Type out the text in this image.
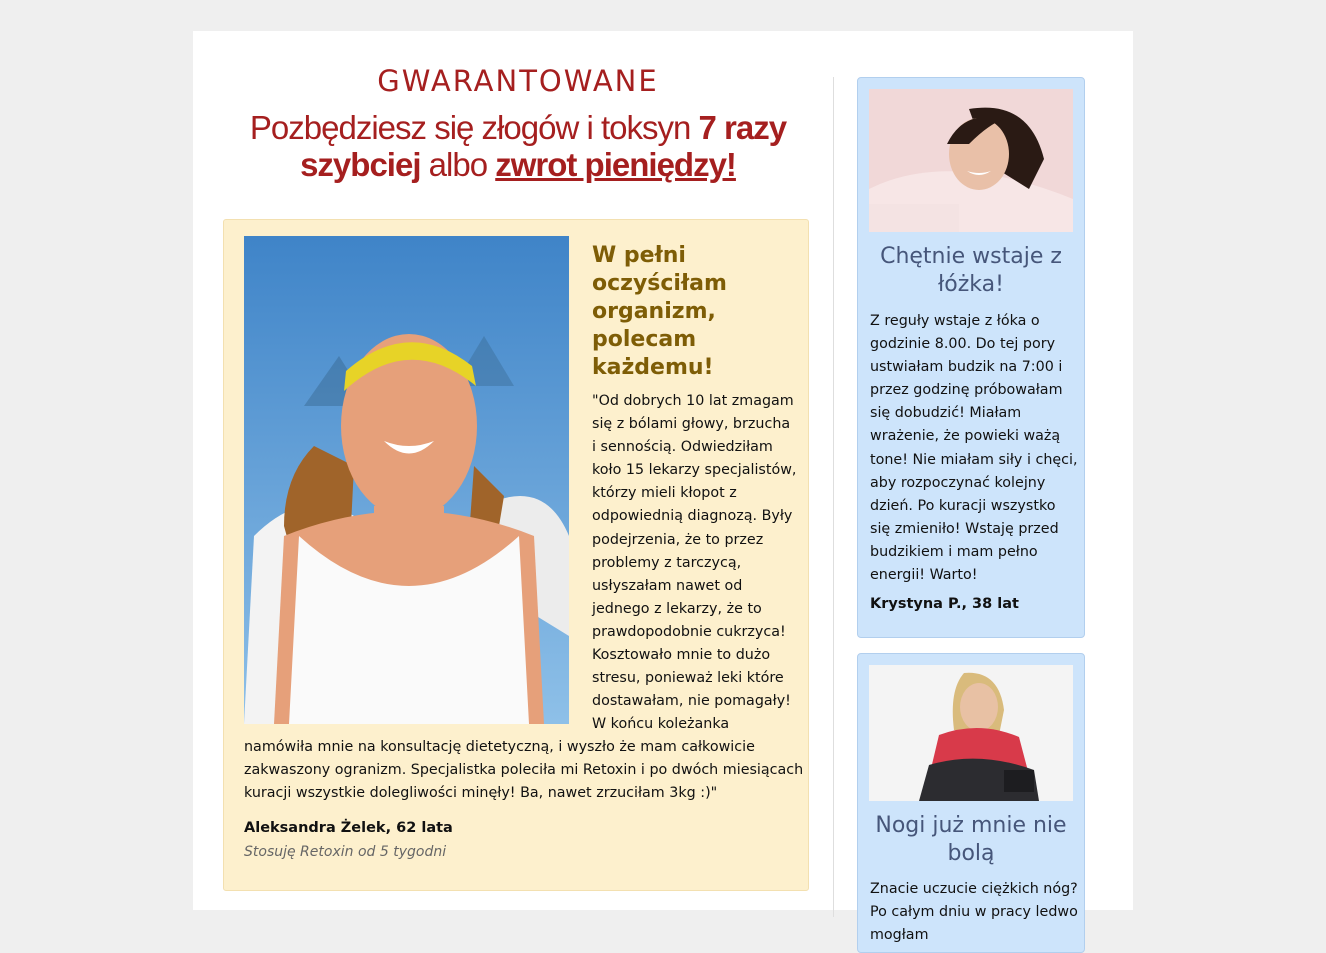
GWARANTOWANE
Pozbędziesz się złogów i toksyn 7 razy szybciej albo zwrot pieniędzy!
W pełni oczyściłam organizm, polecam każdemu!
"Od dobrych 10 lat zmagam się z bólami głowy, brzucha i sennością. Odwiedziłam koło 15 lekarzy specjalistów, którzy mieli kłopot z odpowiednią diagnozą. Były podejrzenia, że to przez problemy z tarczycą, usłyszałam nawet od jednego z lekarzy, że to prawdopodobnie cukrzyca! Kosztowało mnie to dużo stresu, ponieważ leki które dostawałam, nie pomagały! W końcu koleżanka
namówiła mnie na konsultację dietetyczną, i wyszło że mam całkowicie zakwaszony ogranizm. Specjalistka poleciła mi Retoxin i po dwóch miesiącach kuracji wszystkie dolegliwości minęły! Ba, nawet zrzuciłam 3kg :)"
Aleksandra Żelek, 62 lata
Stosuję Retoxin od 5 tygodni
Chętnie wstaje z łóżka!
Z reguły wstaje z łóka o godzinie 8.00. Do tej pory ustwiałam budzik na 7:00 i przez godzinę próbowałam się dobudzić! Miałam wrażenie, że powieki ważą tone! Nie miałam siły i chęci, aby rozpoczynać kolejny dzień. Po kuracji wszystko się zmieniło! Wstaję przed budzikiem i mam pełno energii! Warto!
Krystyna P., 38 lat
Nogi już mnie nie bolą
Znacie uczucie ciężkich nóg? Po całym dniu w pracy ledwo mogłam
